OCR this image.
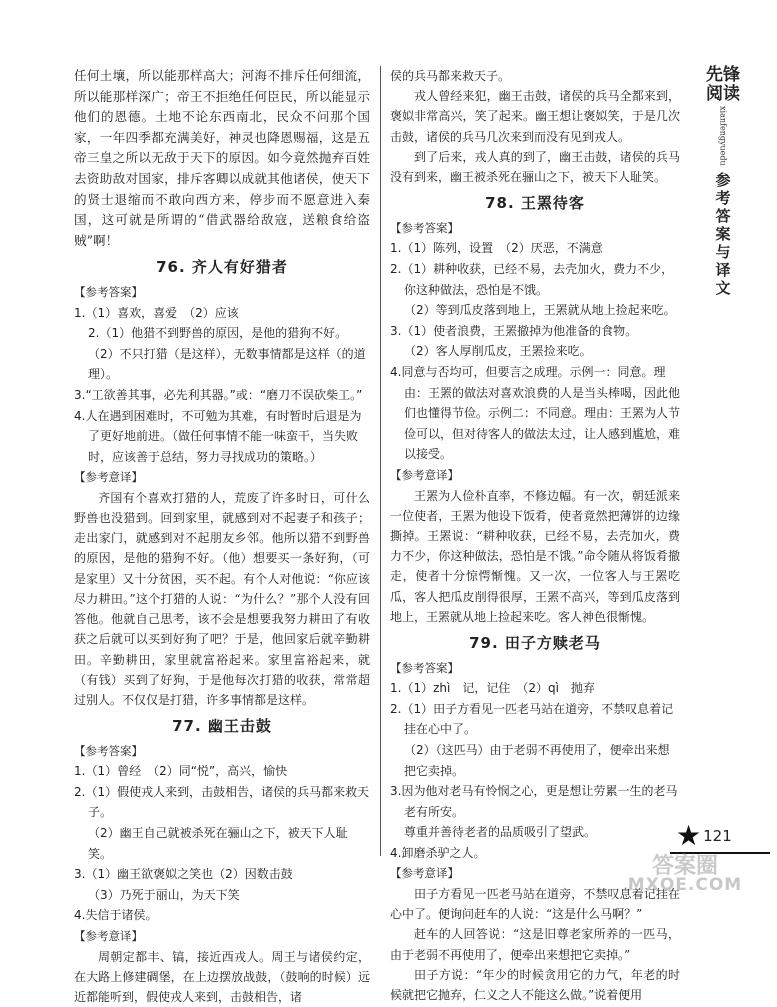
任何土壤，所以能那样高大；河海不排斥任何细流，所以能那样深广；帝王不拒绝任何臣民，所以能显示他们的恩德。土地不论东西南北，民众不问那个国家，一年四季都充满美好，神灵也降恩赐福，这是五帝三皇之所以无敌于天下的原因。如今竟然抛弃百姓去资助敌对国家，排斥客卿以成就其他诸侯，使天下的贤士退缩而不敢向西方来，停步而不愿意进入秦国，这可就是所谓的“借武器给敌寇，送粮食给盗贼”啊！

76. 齐人有好猎者

【参考答案】

1.（1）喜欢，喜爱　（2）应该

2.（1）他猎不到野兽的原因，是他的猎狗不好。

（2）不只打猎（是这样），无数事情都是这样（的道理）。

3.“工欲善其事，必先利其器。”或：“磨刀不误砍柴工。”

4.人在遇到困难时，不可勉为其难，有时暂时后退是为了更好地前进。（做任何事情不能一味蛮干，当失败时，应该善于总结，努力寻找成功的策略。）

【参考意译】

齐国有个喜欢打猎的人，荒废了许多时日，可什么野兽也没猎到。回到家里，就感到对不起妻子和孩子；走出家门，就感到对不起朋友乡邻。他所以猎不到野兽的原因，是他的猎狗不好。（他）想要买一条好狗，（可是家里）又十分贫困，买不起。有个人对他说：“你应该尽力耕田。”这个打猎的人说：“为什么？”那个人没有回答他。他就自己思考，该不会是想要我努力耕田了有收获之后就可以买到好狗了吧？于是，他回家后就辛勤耕田。辛勤耕田，家里就富裕起来。家里富裕起来，就（有钱）买到了好狗，于是他每次打猎的收获，常常超过别人。不仅仅是打猎，许多事情都是这样。

77. 幽王击鼓

【参考答案】

1.（1）曾经　（2）同“悦”，高兴，愉快

2.（1）假使戎人来到，击鼓相告，诸侯的兵马都来救天子。

（2）幽王自己就被杀死在骊山之下，被天下人耻笑。

3.（1）幽王欲褒姒之笑也（2）因数击鼓

（3）乃死于丽山，为天下笑

4.失信于诸侯。

【参考意译】

周朝定都丰、镐，接近西戎人。周王与诸侯约定，在大路上修建碉堡，在上边摆放战鼓，（鼓响的时候）远近都能听到，假使戎人来到，击鼓相告，诸

侯的兵马都来救天子。

戎人曾经来犯，幽王击鼓，诸侯的兵马全都来到，褒姒非常高兴，笑了起来。幽王想让褒姒笑，于是几次击鼓，诸侯的兵马几次来到而没有见到戎人。

到了后来，戎人真的到了，幽王击鼓，诸侯的兵马没有到来，幽王被杀死在骊山之下，被天下人耻笑。

78. 王罴待客

【参考答案】

1.（1）陈列，设置　（2）厌恶，不满意

2.（1）耕种收获，已经不易，去壳加火，费力不少，你这种做法，恐怕是不饿。

（2）等到瓜皮落到地上，王罴就从地上捡起来吃。

3.（1）使者浪费，王罴撤掉为他准备的食物。

（2）客人厚削瓜皮，王罴捡来吃。

4.同意与否均可，但要言之成理。示例一：同意。理由：王罴的做法对喜欢浪费的人是当头棒喝，因此他们也懂得节俭。示例二：不同意。理由：王罴为人节俭可以，但对待客人的做法太过，让人感到尴尬，难以接受。

【参考意译】

王罴为人俭朴直率，不修边幅。有一次，朝廷派来一位使者，王罴为他设下饭肴，使者竟然把薄饼的边缘撕掉。王罴说：“耕种收获，已经不易，去壳加火，费力不少，你这种做法，恐怕是不饿。”命令随从将饭肴撤走，使者十分惊愕惭愧。又一次，一位客人与王罴吃瓜，客人把瓜皮削得很厚，王罴不高兴，等到瓜皮落到地上，王罴就从地上捡起来吃。客人神色很惭愧。

79. 田子方赎老马

【参考答案】

1.（1）zhì　记，记住　（2）qì　抛弃

2.（1）田子方看见一匹老马站在道旁，不禁叹息着记挂在心中了。

（2）（这匹马）由于老弱不再使用了，便牵出来想把它卖掉。

3.因为他对老马有怜悯之心，更是想让劳累一生的老马老有所安。

尊重并善待老者的品质吸引了望武。

4.卸磨杀驴之人。

【参考意译】

田子方看见一匹老马站在道旁，不禁叹息着记挂在心中了。便询问赶车的人说：“这是什么马啊？”

赶车的人回答说：“这是旧尊老家所养的一匹马，由于老弱不再使用了，便牵出来想把它卖掉。”

田子方说：“年少的时候贪用它的力气，年老的时候就把它抛弃，仁义之人不能这么做。”说着便用

先锋
阅读
xianfengyuedu
参考答案与译文
★ 121
答案圈
MXQE.COM
